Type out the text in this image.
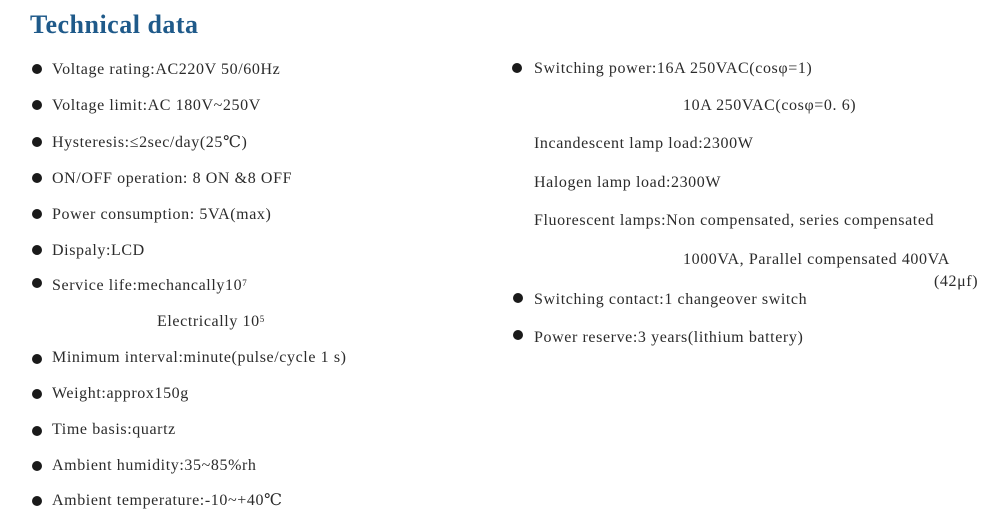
Technical data
Voltage rating:AC220V 50/60Hz
Voltage limit:AC 180V~250V
Hysteresis:≤2sec/day(25℃)
ON/OFF operation: 8 ON &8 OFF
Power consumption: 5VA(max)
Dispaly:LCD
Service $life:mechancally10^7$
Electrically $10^5$
Minimum interval:minute(pulse/cycle 1 s)
Weight:approx150g
Time basis:quartz
Ambient humidity:35~85%rh
Ambient temperature:-10~+40℃
Switching power:16A 250VAC(cosφ=1)
10A 250VAC(cosφ=0. 6)
Incandescent lamp load:2300W
Halogen lamp load:2300W
Fluorescent lamps:Non compensated, series compensated
1000VA, Parallel compensated 400VA
(42μf)
Switching contact:1 changeover switch
Power reserve:3 years(lithium battery)
